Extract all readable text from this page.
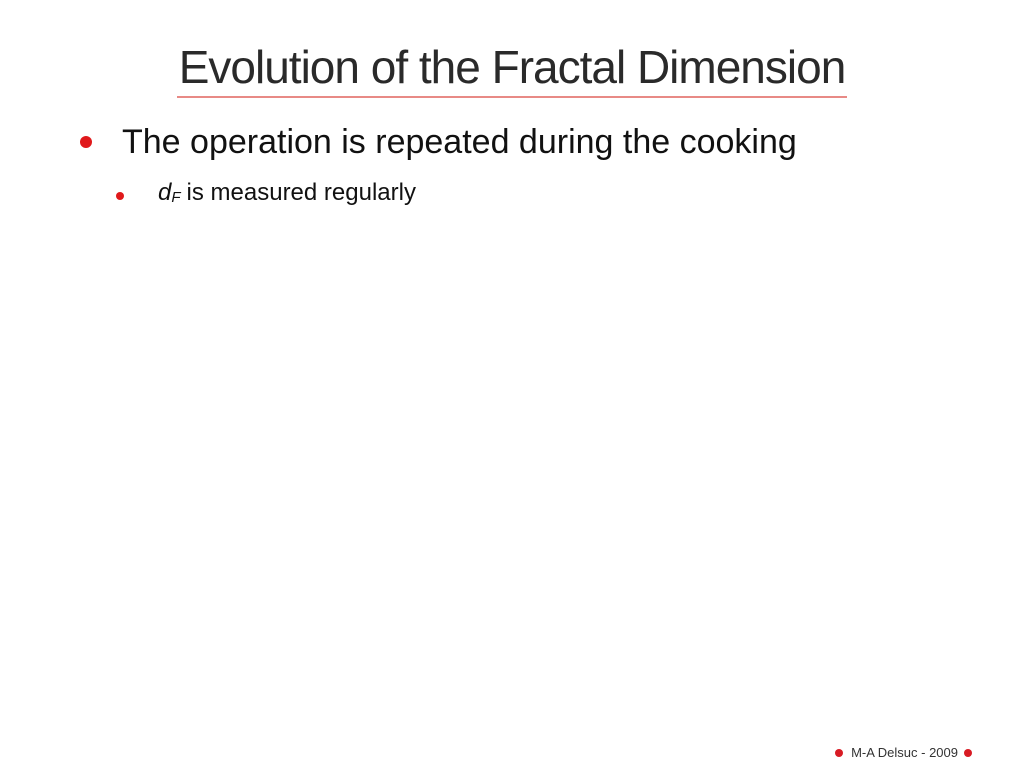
Evolution of the Fractal Dimension
The operation is repeated during the cooking
dF is measured regularly
M-A Delsuc - 2009
